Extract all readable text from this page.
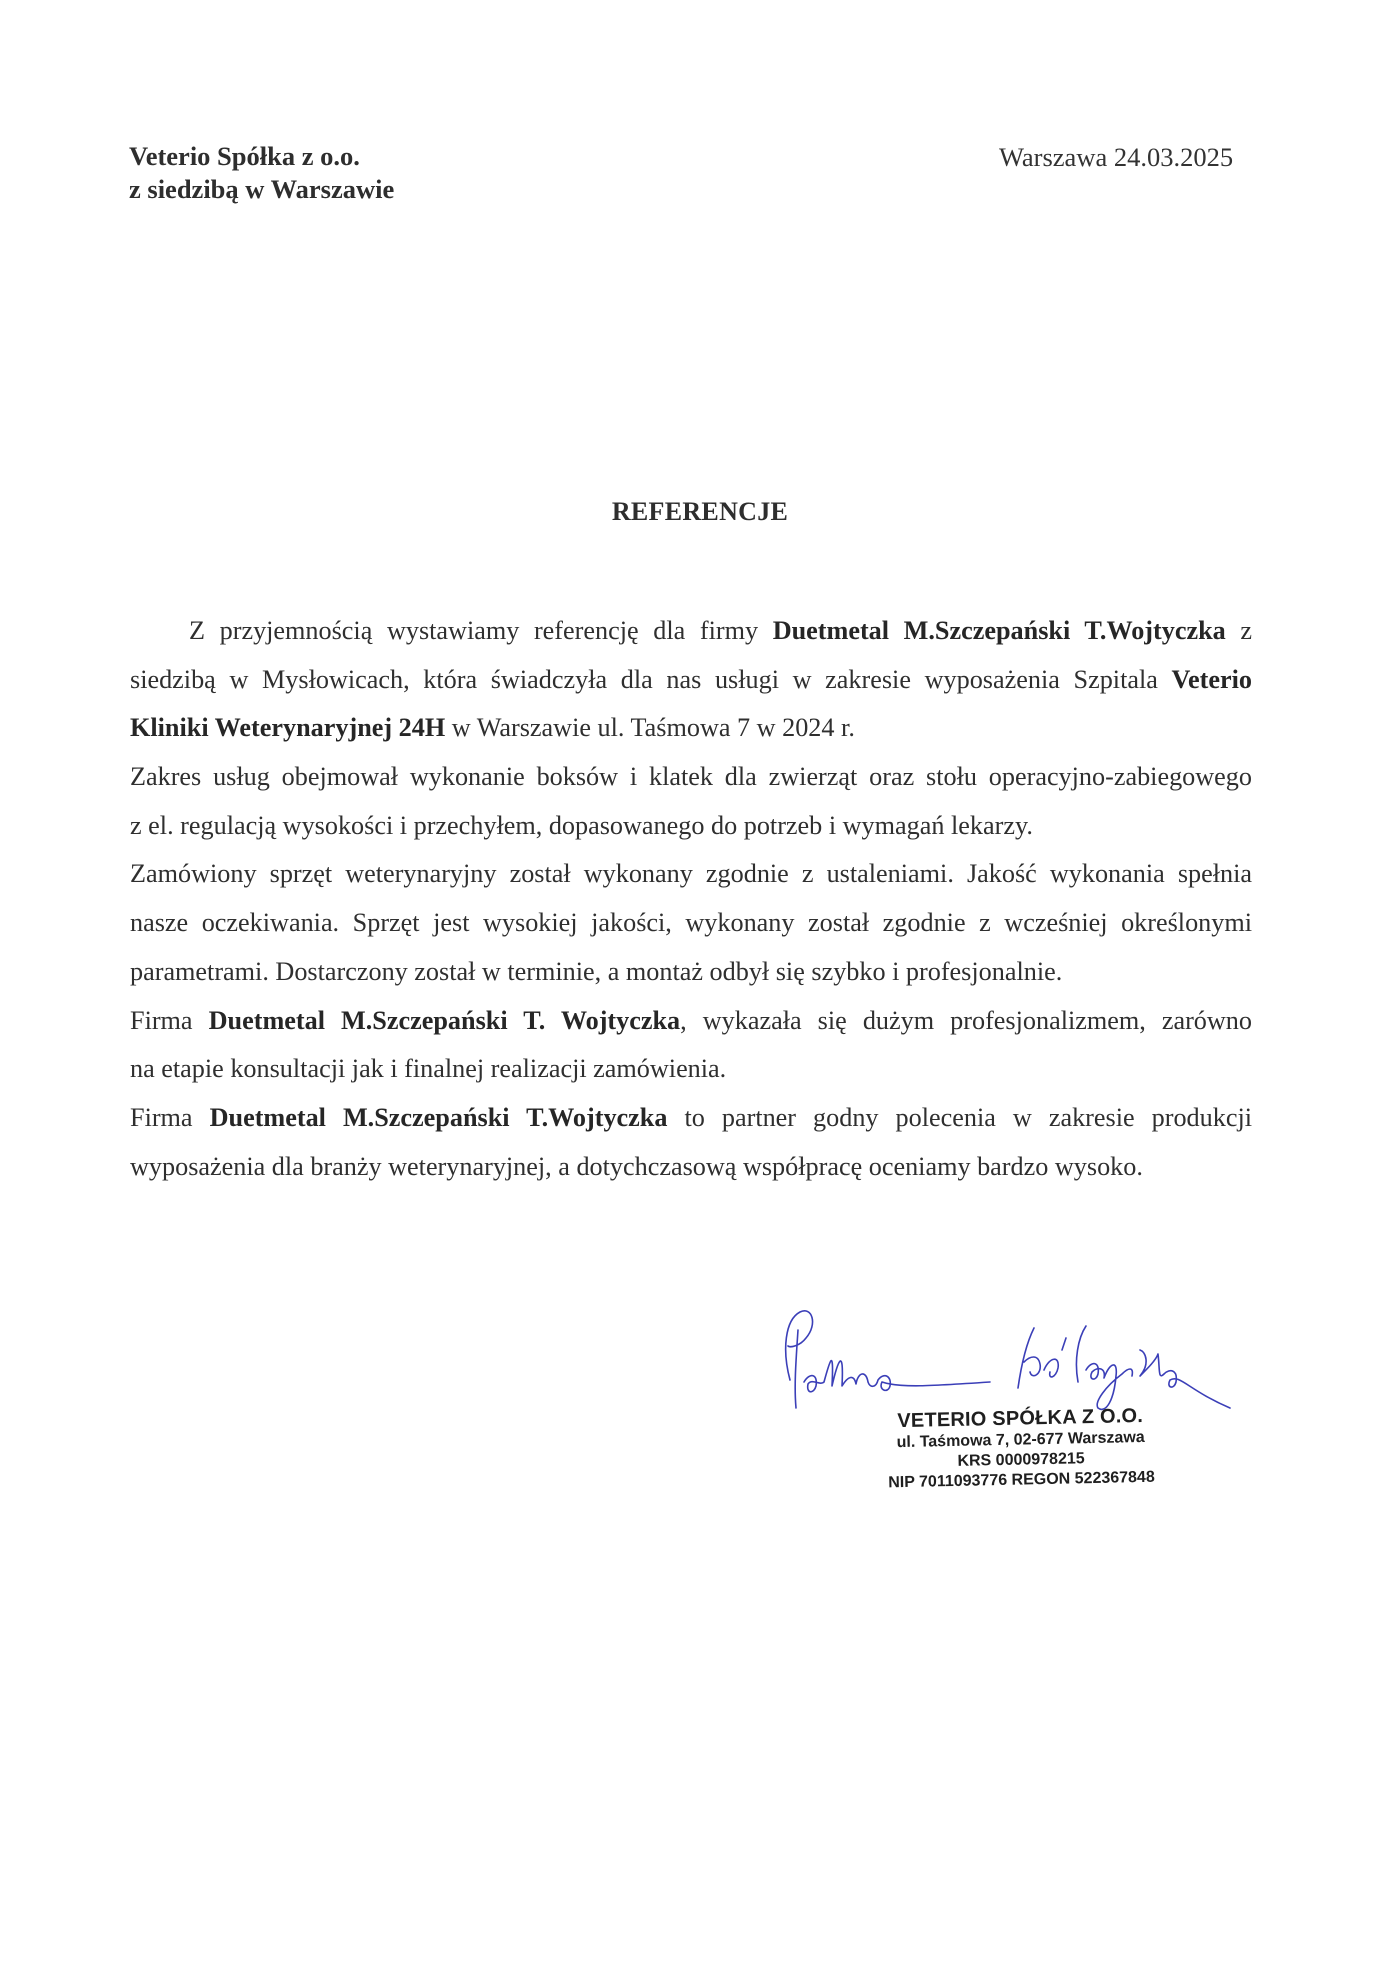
Veterio Spółka z o.o.
z siedzibą w Warszawie
Warszawa 24.03.2025
REFERENCJE
Z przyjemnością wystawiamy referencję dla firmy Duetmetal M.Szczepański T.Wojtyczka z
siedzibą w Mysłowicach, która świadczyła dla nas usługi w zakresie wyposażenia Szpitala Veterio
Kliniki Weterynaryjnej 24H w Warszawie ul. Taśmowa 7 w 2024 r.
Zakres usług obejmował wykonanie boksów i klatek dla zwierząt oraz stołu operacyjno-zabiegowego
z el. regulacją wysokości i przechyłem, dopasowanego do potrzeb i wymagań lekarzy.
Zamówiony sprzęt weterynaryjny został wykonany zgodnie z ustaleniami. Jakość wykonania spełnia
nasze oczekiwania. Sprzęt jest wysokiej jakości, wykonany został zgodnie z wcześniej określonymi
parametrami. Dostarczony został w terminie, a montaż odbył się szybko i profesjonalnie.
Firma Duetmetal M.Szczepański T. Wojtyczka, wykazała się dużym profesjonalizmem, zarówno
na etapie konsultacji jak i finalnej realizacji zamówienia.
Firma Duetmetal M.Szczepański T.Wojtyczka to partner godny polecenia w zakresie produkcji
wyposażenia dla branży weterynaryjnej, a dotychczasową współpracę oceniamy bardzo wysoko.
VETERIO SPÓŁKA Z O.O.
ul. Taśmowa 7, 02-677 Warszawa
KRS 0000978215
NIP 7011093776 REGON 522367848
